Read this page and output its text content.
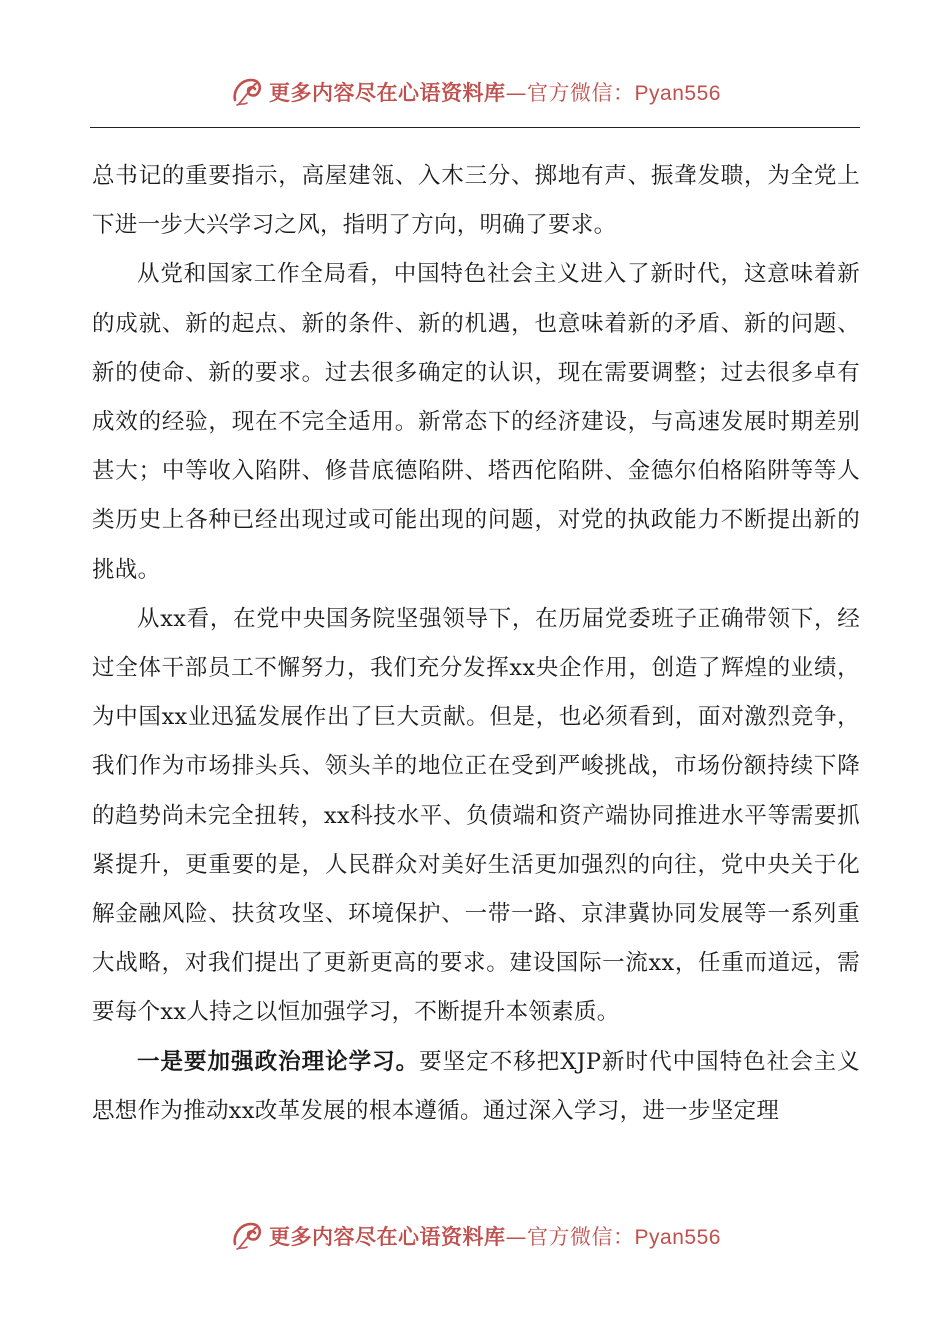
更多内容尽在心语资料库—官方微信：Pyan556

总书记的重要指示，高屋建瓴、入木三分、掷地有声、振聋发聩，为全党上下进一步大兴学习之风，指明了方向，明确了要求。

从党和国家工作全局看，中国特色社会主义进入了新时代，这意味着新的成就、新的起点、新的条件、新的机遇，也意味着新的矛盾、新的问题、新的使命、新的要求。过去很多确定的认识，现在需要调整；过去很多卓有成效的经验，现在不完全适用。新常态下的经济建设，与高速发展时期差别甚大；中等收入陷阱、修昔底德陷阱、塔西佗陷阱、金德尔伯格陷阱等等人类历史上各种已经出现过或可能出现的问题，对党的执政能力不断提出新的挑战。

从xx看，在党中央国务院坚强领导下，在历届党委班子正确带领下，经过全体干部员工不懈努力，我们充分发挥xx央企作用，创造了辉煌的业绩，为中国xx业迅猛发展作出了巨大贡献。但是，也必须看到，面对激烈竞争，我们作为市场排头兵、领头羊的地位正在受到严峻挑战，市场份额持续下降的趋势尚未完全扭转，xx科技水平、负债端和资产端协同推进水平等需要抓紧提升，更重要的是，人民群众对美好生活更加强烈的向往，党中央关于化解金融风险、扶贫攻坚、环境保护、一带一路、京津冀协同发展等一系列重大战略，对我们提出了更新更高的要求。建设国际一流xx，任重而道远，需要每个xx人持之以恒加强学习，不断提升本领素质。

一是要加强政治理论学习。要坚定不移把XJP新时代中国特色社会主义思想作为推动xx改革发展的根本遵循。通过深入学习，进一步坚定理

更多内容尽在心语资料库—官方微信：Pyan556
